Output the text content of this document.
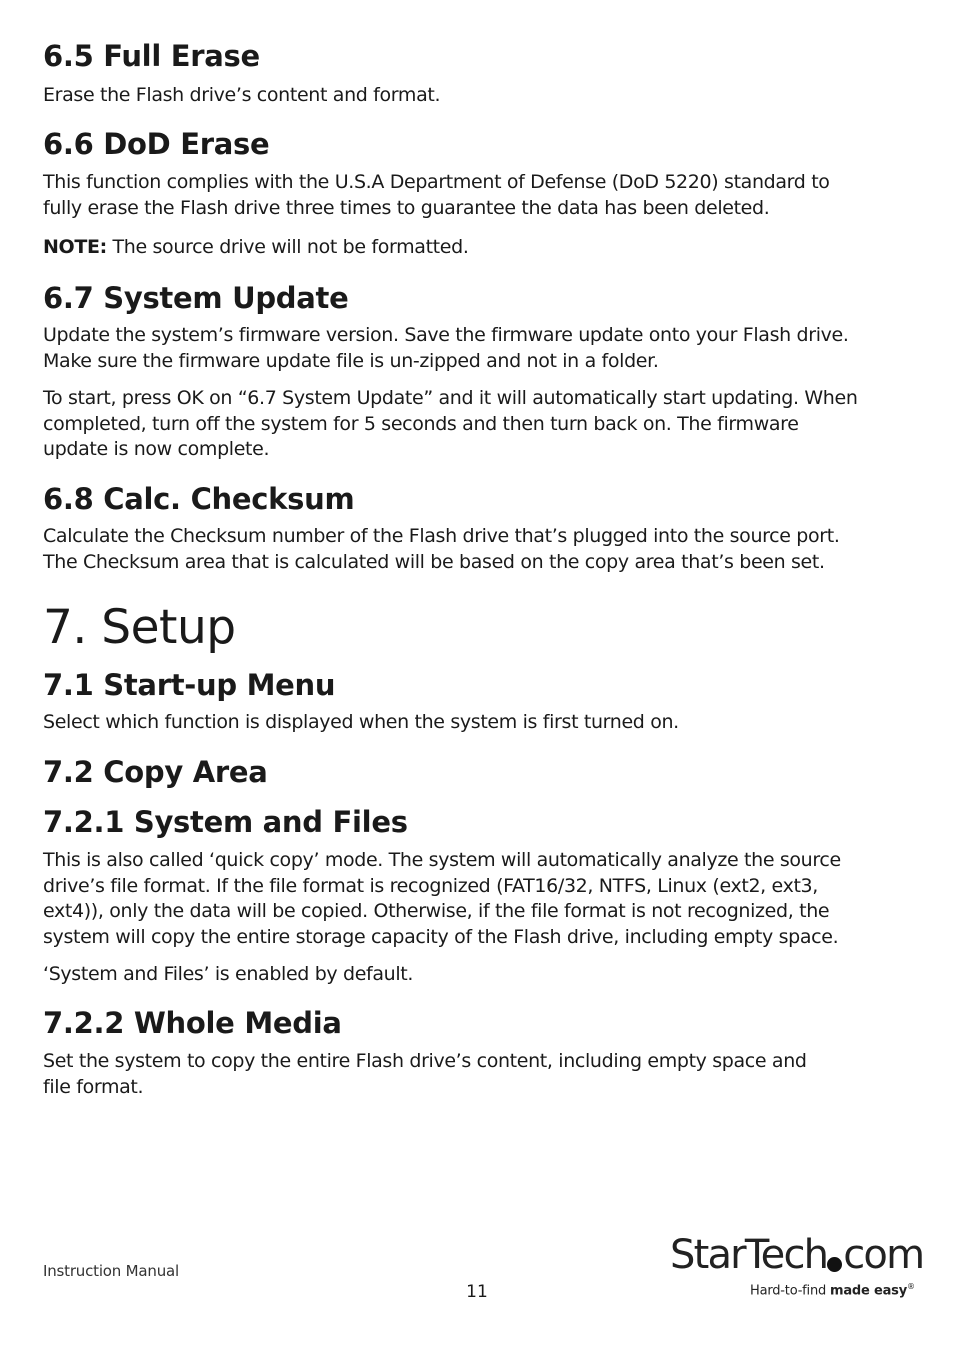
6.5 Full Erase

Erase the Flash drive’s content and format.

6.6 DoD Erase

This function complies with the U.S.A Department of Defense (DoD 5220) standard to

fully erase the Flash drive three times to guarantee the data has been deleted.

NOTE: The source drive will not be formatted.

6.7 System Update

Update the system’s firmware version. Save the firmware update onto your Flash drive.

Make sure the firmware update file is un-zipped and not in a folder.

To start, press OK on “6.7 System Update” and it will automatically start updating. When

completed, turn off the system for 5 seconds and then turn back on. The firmware

update is now complete.

6.8 Calc. Checksum

Calculate the Checksum number of the Flash drive that’s plugged into the source port.

The Checksum area that is calculated will be based on the copy area that’s been set.

7. Setup
7.1 Start-up Menu

Select which function is displayed when the system is first turned on.

7.2 Copy Area
7.2.1 System and Files

This is also called ‘quick copy’ mode. The system will automatically analyze the source

drive’s file format. If the file format is recognized (FAT16/32, NTFS, Linux (ext2, ext3,

ext4)), only the data will be copied. Otherwise, if the file format is not recognized, the

system will copy the entire storage capacity of the Flash drive, including empty space.

‘System and Files’ is enabled by default.

7.2.2 Whole Media

Set the system to copy the entire Flash drive’s content, including empty space and

file format.

Instruction Manual
11
StarTech com
Hard-to-find made easy®
